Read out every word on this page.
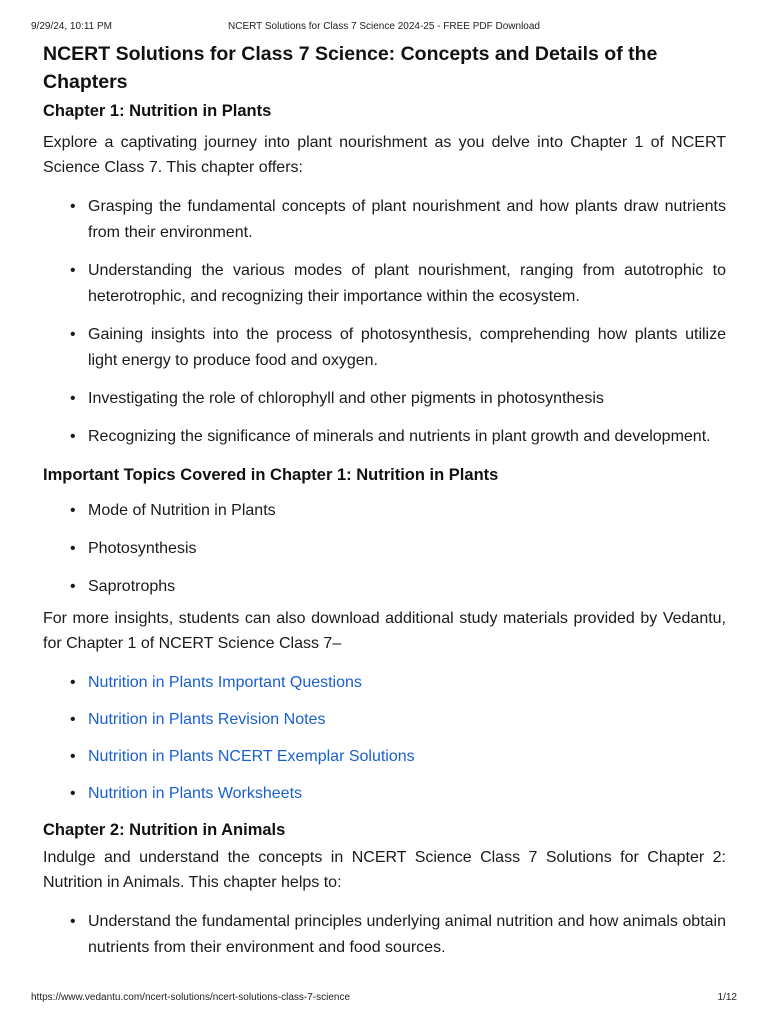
9/29/24, 10:11 PM	NCERT Solutions for Class 7 Science 2024-25 - FREE PDF Download
NCERT Solutions for Class 7 Science: Concepts and Details of the Chapters
Chapter 1: Nutrition in Plants

Explore a captivating journey into plant nourishment as you delve into Chapter 1 of NCERT Science Class 7. This chapter offers:

• Grasping the fundamental concepts of plant nourishment and how plants draw nutrients from their environment.
• Understanding the various modes of plant nourishment, ranging from autotrophic to heterotrophic, and recognizing their importance within the ecosystem.
• Gaining insights into the process of photosynthesis, comprehending how plants utilize light energy to produce food and oxygen.
• Investigating the role of chlorophyll and other pigments in photosynthesis
• Recognizing the significance of minerals and nutrients in plant growth and development.
Important Topics Covered in Chapter 1: Nutrition in Plants
• Mode of Nutrition in Plants
• Photosynthesis
• Saprotrophs

For more insights, students can also download additional study materials provided by Vedantu, for Chapter 1 of NCERT Science Class 7–

• Nutrition in Plants Important Questions
• Nutrition in Plants Revision Notes
• Nutrition in Plants NCERT Exemplar Solutions
• Nutrition in Plants Worksheets
Chapter 2: Nutrition in Animals

Indulge and understand the concepts in NCERT Science Class 7 Solutions for Chapter 2: Nutrition in Animals. This chapter helps to:

• Understand the fundamental principles underlying animal nutrition and how animals obtain nutrients from their environment and food sources.
https://www.vedantu.com/ncert-solutions/ncert-solutions-class-7-science	1/12
